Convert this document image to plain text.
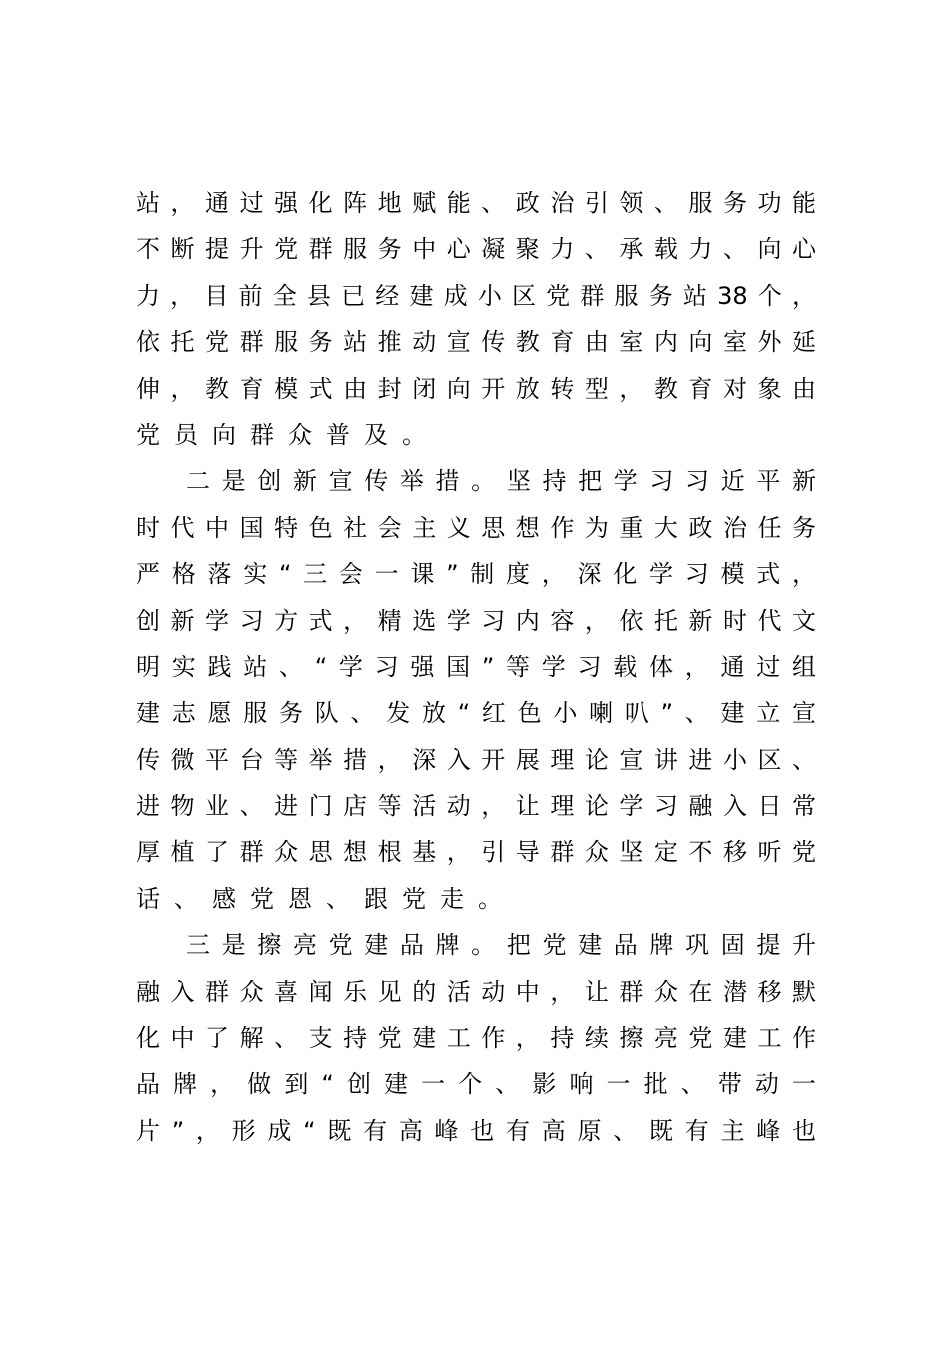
站，通过强化阵地赋能、政治引领、服务功能
不断提升党群服务中心凝聚力、承载力、向心
力，目前全县已经建成小区党群服务站38个，
依托党群服务站推动宣传教育由室内向室外延
伸，教育模式由封闭向开放转型，教育对象由
党员向群众普及。
二是创新宣传举措。坚持把学习习近平新
时代中国特色社会主义思想作为重大政治任务
严格落实“三会一课”制度，深化学习模式，
创新学习方式，精选学习内容，依托新时代文
明实践站、“学习强国”等学习载体，通过组
建志愿服务队、发放“红色小喇叭”、建立宣
传微平台等举措，深入开展理论宣讲进小区、
进物业、进门店等活动，让理论学习融入日常
厚植了群众思想根基，引导群众坚定不移听党
话、感党恩、跟党走。
三是擦亮党建品牌。把党建品牌巩固提升
融入群众喜闻乐见的活动中，让群众在潜移默
化中了解、支持党建工作，持续擦亮党建工作
品牌，做到“创建一个、影响一批、带动一
片”，形成“既有高峰也有高原、既有主峰也
